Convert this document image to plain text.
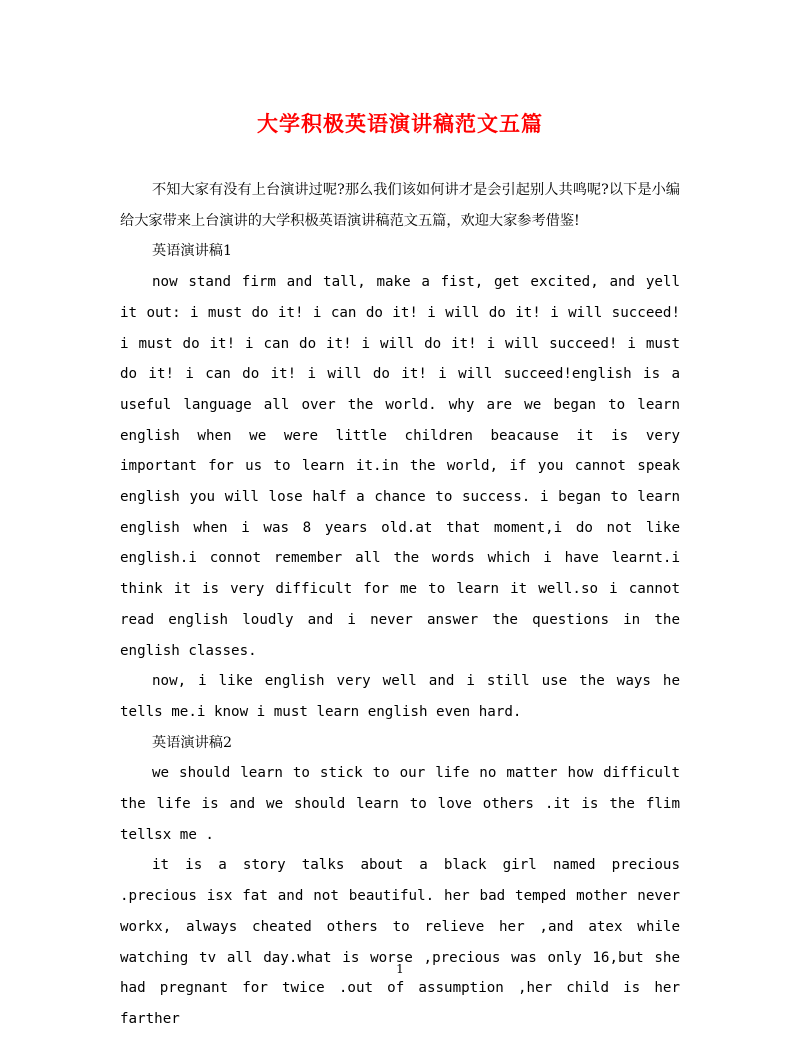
大学积极英语演讲稿范文五篇

不知大家有没有上台演讲过呢?那么我们该如何讲才是会引起别人共鸣呢?以下是小编给大家带来上台演讲的大学积极英语演讲稿范文五篇，欢迎大家参考借鉴!

英语演讲稿1

now stand firm and tall, make a fist, get excited, and yell it out: i must do it! i can do it! i will do it! i will succeed! i must do it! i can do it! i will do it! i will succeed! i must do it! i can do it! i will do it! i will succeed!english is a useful language all over the world. why are we began to learn english when we were little children beacause it is very important for us to learn it.in the world, if you cannot speak english you will lose half a chance to success. i began to learn english when i was 8 years old.at that moment,i do not like english.i connot remember all the words which i have learnt.i think it is very difficult for me to learn it well.so i cannot read english loudly and i never answer the questions in the english classes.

now, i like english very well and i still use the ways he tells me.i know i must learn english even hard.

英语演讲稿2

we should learn to stick to our life no matter how difficult the life is and we should learn to love others .it is the flim tellsx me .

it is a story talks about a black girl named precious .precious isx fat and not beautiful. her bad temped mother never workx, always cheated others to relieve her ,and atex while watching tv all day.what is worse ,precious was only 16,but she had pregnant for twice .out of assumption ,her child is her farther

1
